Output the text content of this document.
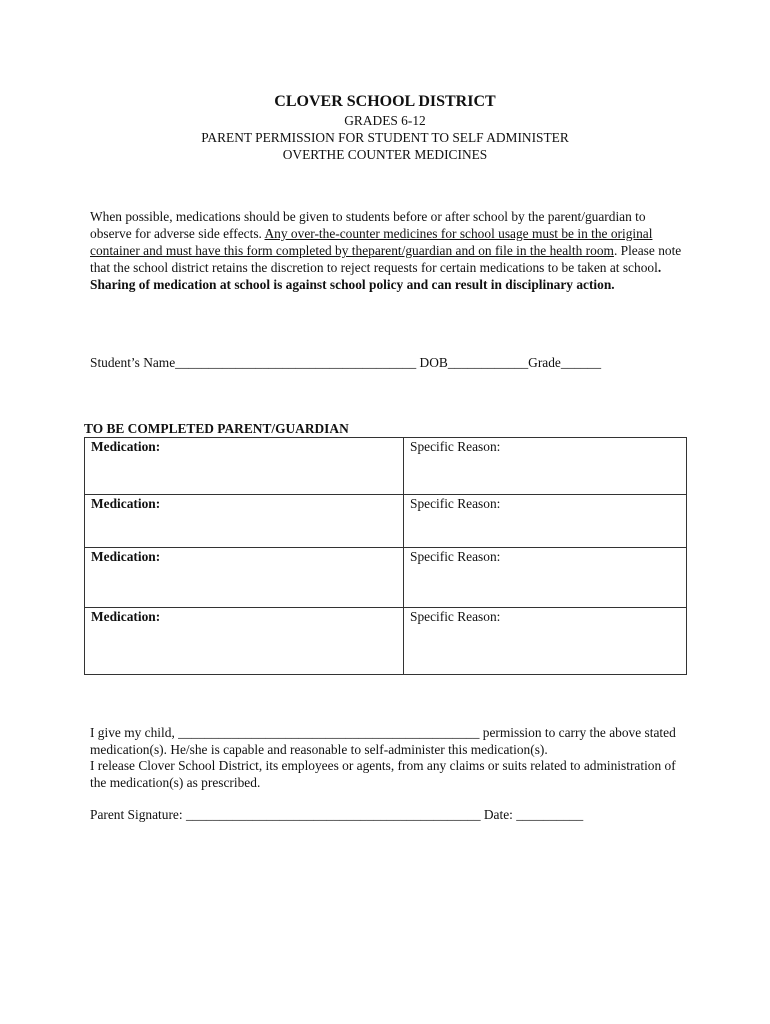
CLOVER SCHOOL DISTRICT
GRADES 6-12
PARENT PERMISSION FOR STUDENT TO SELF ADMINISTER
OVERTHE COUNTER MEDICINES
When possible, medications should be given to students before or after school by the parent/guardian to observe for adverse side effects. Any over-the-counter medicines for school usage must be in the original container and must have this form completed by theparent/guardian and on file in the health room. Please note that the school district retains the discretion to reject requests for certain medications to be taken at school. Sharing of medication at school is against school policy and can result in disciplinary action.
Student’s Name____________________________________ DOB____________Grade______
TO BE COMPLETED PARENT/GUARDIAN
Medication:	Specific Reason:
Medication:	Specific Reason:
Medication:	Specific Reason:
Medication:	Specific Reason:

I give my child, _____________________________________________ permission to carry the above stated medication(s). He/she is capable and reasonable to self-administer this medication(s).

I release Clover School District, its employees or agents, from any claims or suits related to administration of the medication(s) as prescribed.

Parent Signature: ____________________________________________ Date: __________
